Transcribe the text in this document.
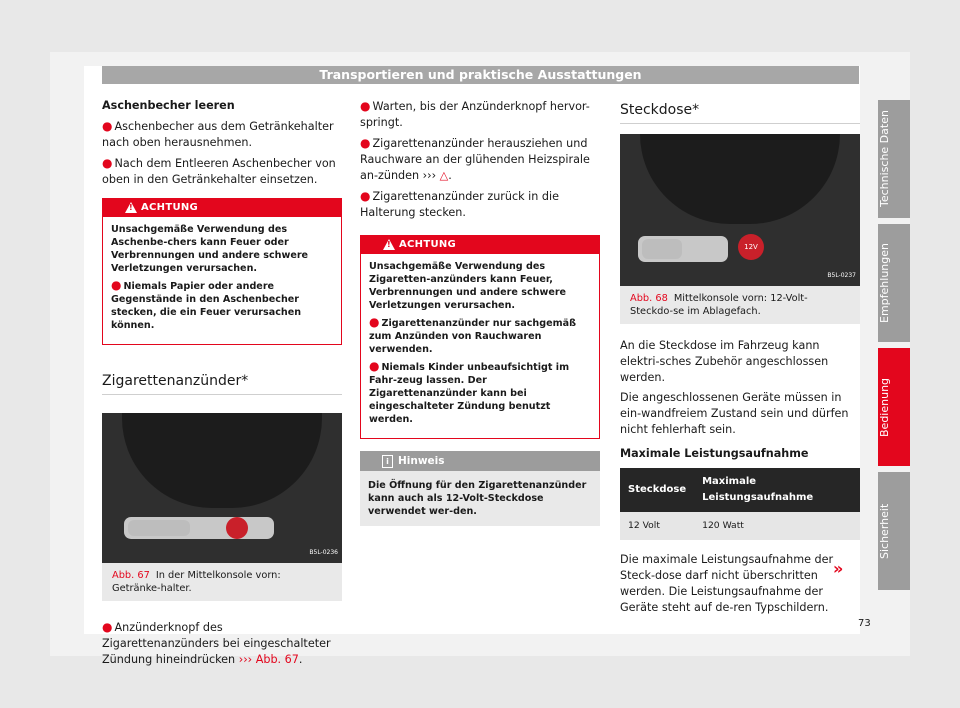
Transportieren und praktische Ausstattungen

Aschenbecher leeren

● Aschenbecher aus dem Getränkehalter nach oben herausnehmen.

● Nach dem Entleeren Aschenbecher von oben in den Getränkehalter einsetzen.

!
ACHTUNG

Unsachgemäße Verwendung des Aschenbe-chers kann Feuer oder Verbrennungen und andere schwere Verletzungen verursachen.

● Niemals Papier oder andere Gegenstände in den Aschenbecher stecken, die ein Feuer verursachen können.

Zigarettenanzünder*
B5L-0236
Abb. 67 In der Mittelkonsole vorn: Getränke-halter.

● Anzünderknopf des Zigarettenanzünders bei eingeschalteter Zündung hineindrücken ››› Abb. 67.

● Warten, bis der Anzünderknopf hervor-springt.

● Zigarettenanzünder herausziehen und Rauchware an der glühenden Heizspirale an-zünden ››› △.

● Zigarettenanzünder zurück in die Halterung stecken.

!
ACHTUNG

Unsachgemäße Verwendung des Zigaretten-anzünders kann Feuer, Verbrennungen und andere schwere Verletzungen verursachen.

● Zigarettenanzünder nur sachgemäß zum Anzünden von Rauchwaren verwenden.

● Niemals Kinder unbeaufsichtigt im Fahr-zeug lassen. Der Zigarettenanzünder kann bei eingeschalteter Zündung benutzt werden.

i Hinweis
Die Öffnung für den Zigarettenanzünder kann auch als 12-Volt-Steckdose verwendet wer-den.
Steckdose*
12V
B5L-0237
Abb. 68 Mittelkonsole vorn: 12-Volt-Steckdo-se im Ablagefach.

An die Steckdose im Fahrzeug kann elektri-sches Zubehör angeschlossen werden.

Die angeschlossenen Geräte müssen in ein-wandfreiem Zustand sein und dürfen nicht fehlerhaft sein.

Maximale Leistungsaufnahme

Steckdose	Maximale Leistungsaufnahme
12 Volt	120 Watt

Die maximale Leistungsaufnahme der Steck-dose darf nicht überschritten werden. Die Leistungsaufnahme der Geräte steht auf de-ren Typschildern.

»
Technische Daten
Empfehlungen
Bedienung
Sicherheit
73
